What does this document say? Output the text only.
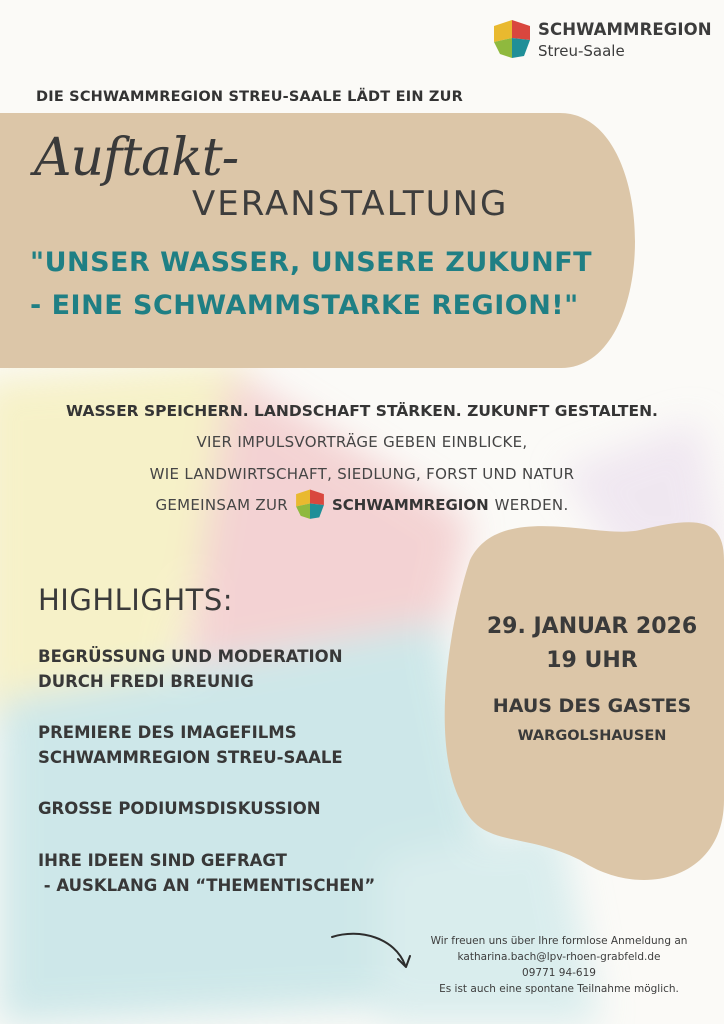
SCHWAMMREGION
Streu-Saale
DIE SCHWAMMREGION STREU-SAALE LÄDT EIN ZUR
Auftakt-
VERANSTALTUNG
"UNSER WASSER, UNSERE ZUKUNFT
- EINE SCHWAMMSTARKE REGION!"
WASSER SPEICHERN. LANDSCHAFT STÄRKEN. ZUKUNFT GESTALTEN.
VIER IMPULSVORTRÄGE GEBEN EINBLICKE,
WIE LANDWIRTSCHAFT, SIEDLUNG, FORST UND NATUR
GEMEINSAM ZUR	SCHWAMMREGION WERDEN.
HIGHLIGHTS:
BEGRÜSSUNG UND MODERATION
DURCH FREDI BREUNIG
PREMIERE DES IMAGEFILMS
SCHWAMMREGION STREU-SAALE
GROSSE PODIUMSDISKUSSION
IHRE IDEEN SIND GEFRAGT
- AUSKLANG AN “THEMENTISCHEN”
29. JANUAR 2026
19 UHR
HAUS DES GASTES
WARGOLSHAUSEN
Wir freuen uns über Ihre formlose Anmeldung an
katharina.bach@lpv-rhoen-grabfeld.de
09771 94-619
Es ist auch eine spontane Teilnahme möglich.
